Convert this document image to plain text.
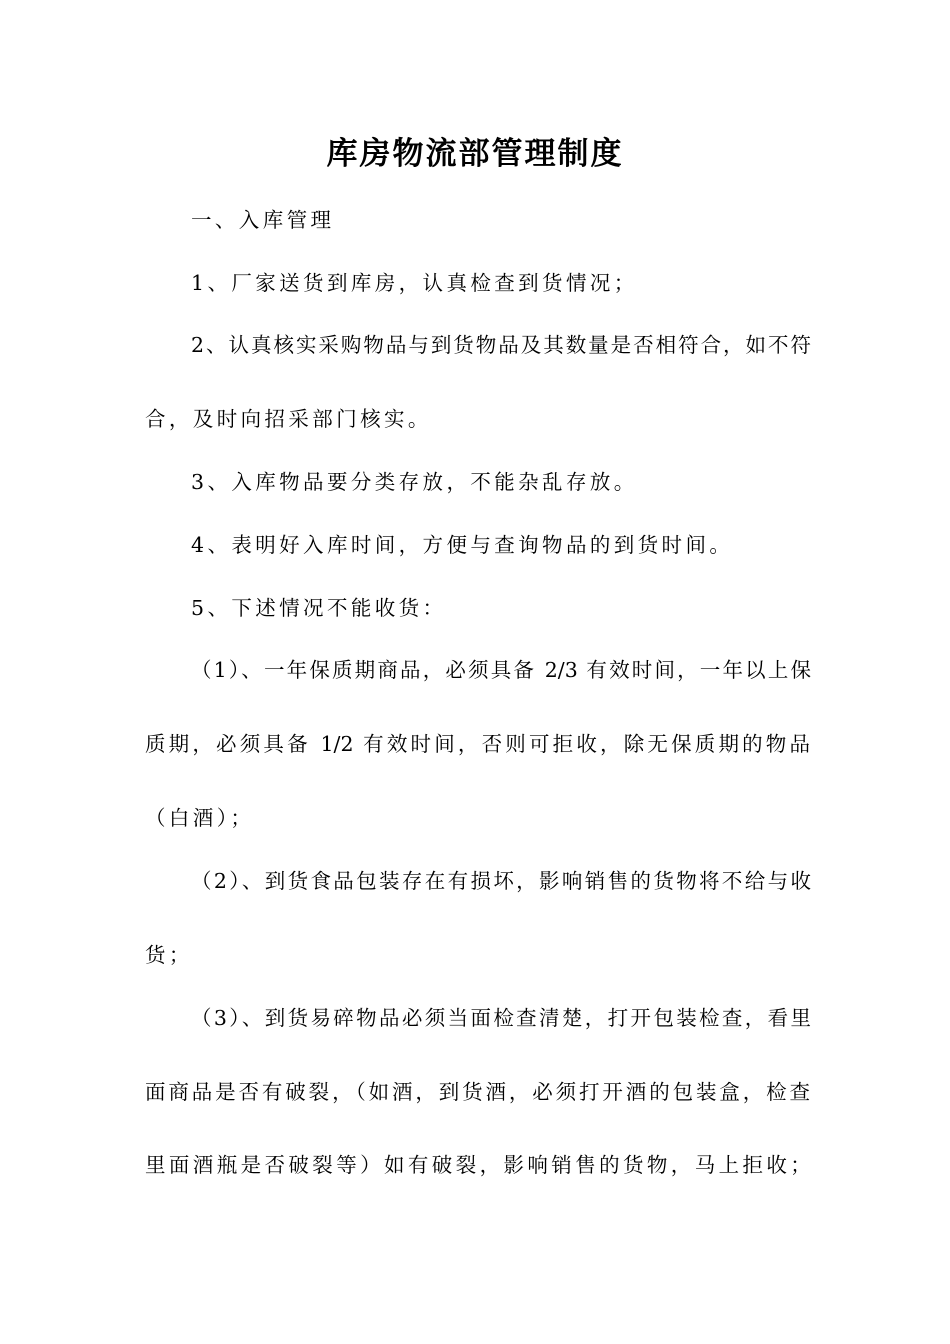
库房物流部管理制度
一、入库管理
1、厂家送货到库房，认真检查到货情况；
2、认真核实采购物品与到货物品及其数量是否相符合，如不符
合，及时向招采部门核实。
3、入库物品要分类存放，不能杂乱存放。
4、表明好入库时间，方便与查询物品的到货时间。
5、下述情况不能收货：
（1）、一年保质期商品，必须具备 2/3 有效时间，一年以上保
质期，必须具备 1/2 有效时间，否则可拒收，除无保质期的物品
（白酒）；
（2）、到货食品包装存在有损坏，影响销售的货物将不给与收
货；
（3）、到货易碎物品必须当面检查清楚，打开包装检查，看里
面商品是否有破裂，（如酒，到货酒，必须打开酒的包装盒，检查
里面酒瓶是否破裂等）如有破裂，影响销售的货物，马上拒收；
